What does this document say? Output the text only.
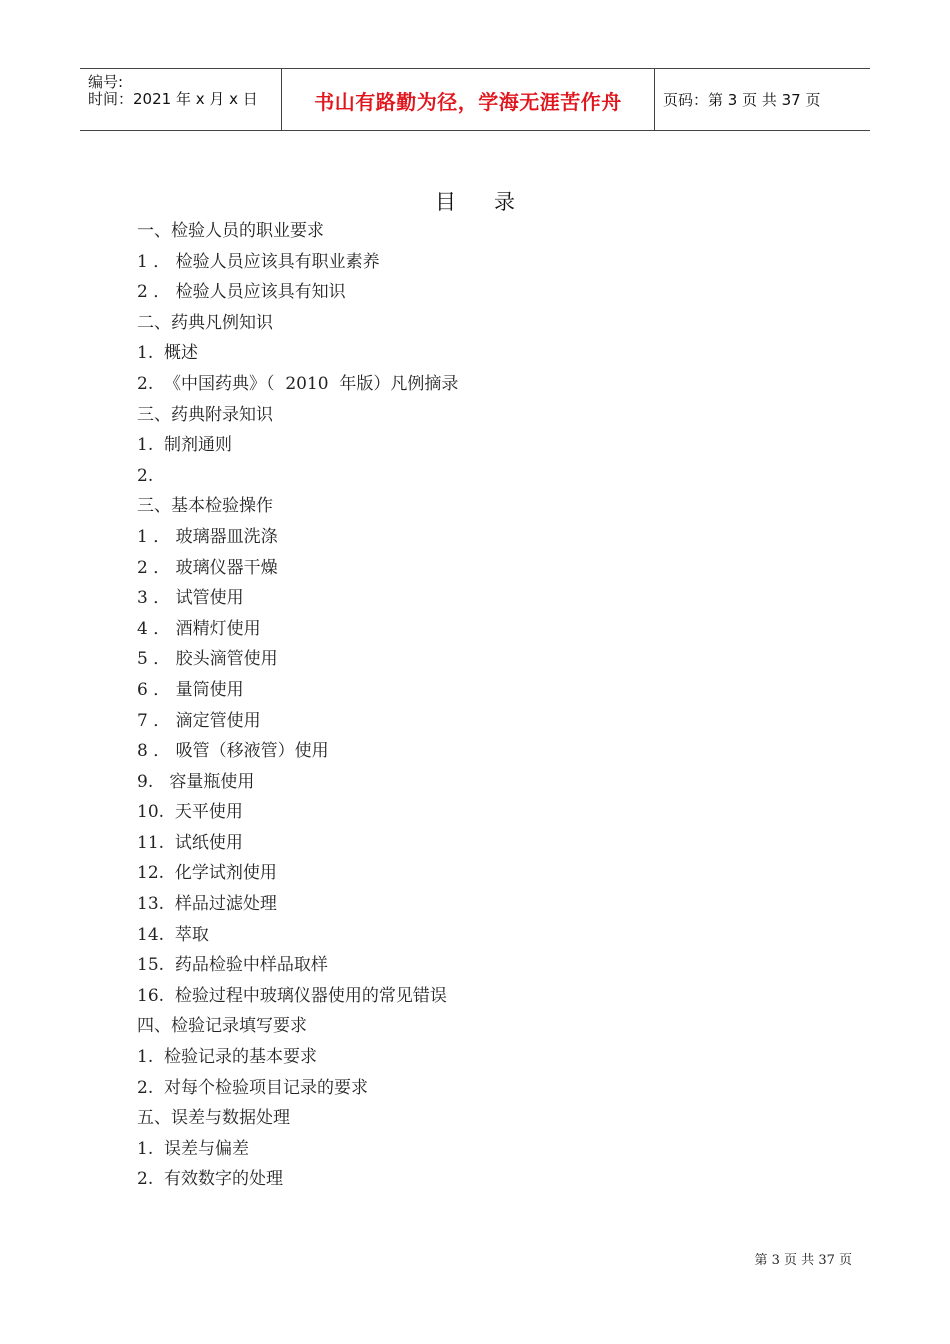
编号:
时间：2021 年 x 月 x 日	书山有路勤为径，学海无涯苦作舟	页码：第 3 页 共 37 页
目录
一、检验人员的职业要求
1 ． 检验人员应该具有职业素养
2 ． 检验人员应该具有知识
二、药典凡例知识
1.  概述
2.  《中国药典》（  2010  年版）凡例摘录
三、药典附录知识
1.  制剂通则
2.
三、基本检验操作
1 ． 玻璃器皿洗涤
2 ． 玻璃仪器干燥
3 ． 试管使用
4 ． 酒精灯使用
5 ． 胶头滴管使用
6 ． 量筒使用
7 ． 滴定管使用
8 ． 吸管（移液管）使用
9.   容量瓶使用
10.  天平使用
11.  试纸使用
12.  化学试剂使用
13.  样品过滤处理
14.  萃取
15.  药品检验中样品取样
16.  检验过程中玻璃仪器使用的常见错误
四、检验记录填写要求
1.  检验记录的基本要求
2.  对每个检验项目记录的要求
五、误差与数据处理
1.  误差与偏差
2.  有效数字的处理
第 3 页 共 37 页
